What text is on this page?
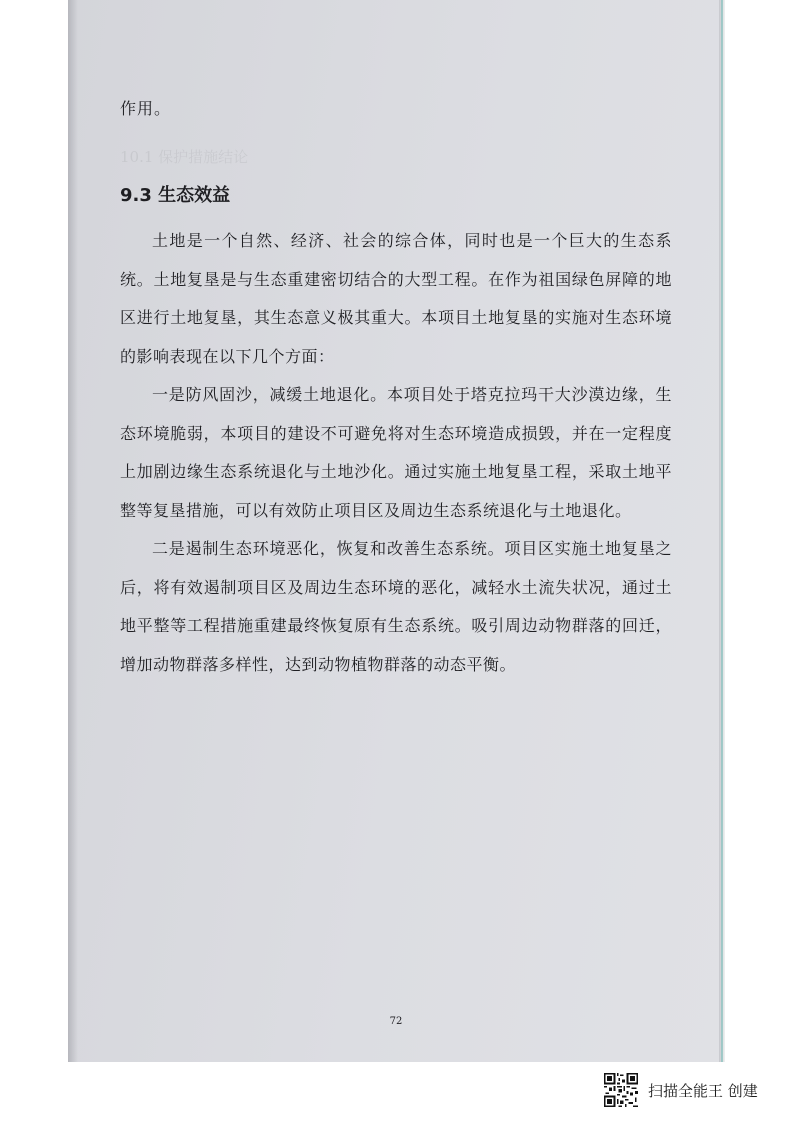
作用。

10.1 保护措施结论

9.3 生态效益

土地是一个自然、经济、社会的综合体，同时也是一个巨大的生态系统。土地复垦是与生态重建密切结合的大型工程。在作为祖国绿色屏障的地区进行土地复垦，其生态意义极其重大。本项目土地复垦的实施对生态环境的影响表现在以下几个方面：

一是防风固沙，减缓土地退化。本项目处于塔克拉玛干大沙漠边缘，生态环境脆弱，本项目的建设不可避免将对生态环境造成损毁，并在一定程度上加剧边缘生态系统退化与土地沙化。通过实施土地复垦工程，采取土地平整等复垦措施，可以有效防止项目区及周边生态系统退化与土地退化。

二是遏制生态环境恶化，恢复和改善生态系统。项目区实施土地复垦之后，将有效遏制项目区及周边生态环境的恶化，减轻水土流失状况，通过土地平整等工程措施重建最终恢复原有生态系统。吸引周边动物群落的回迁，增加动物群落多样性，达到动物植物群落的动态平衡。

72

扫描全能王 创建
